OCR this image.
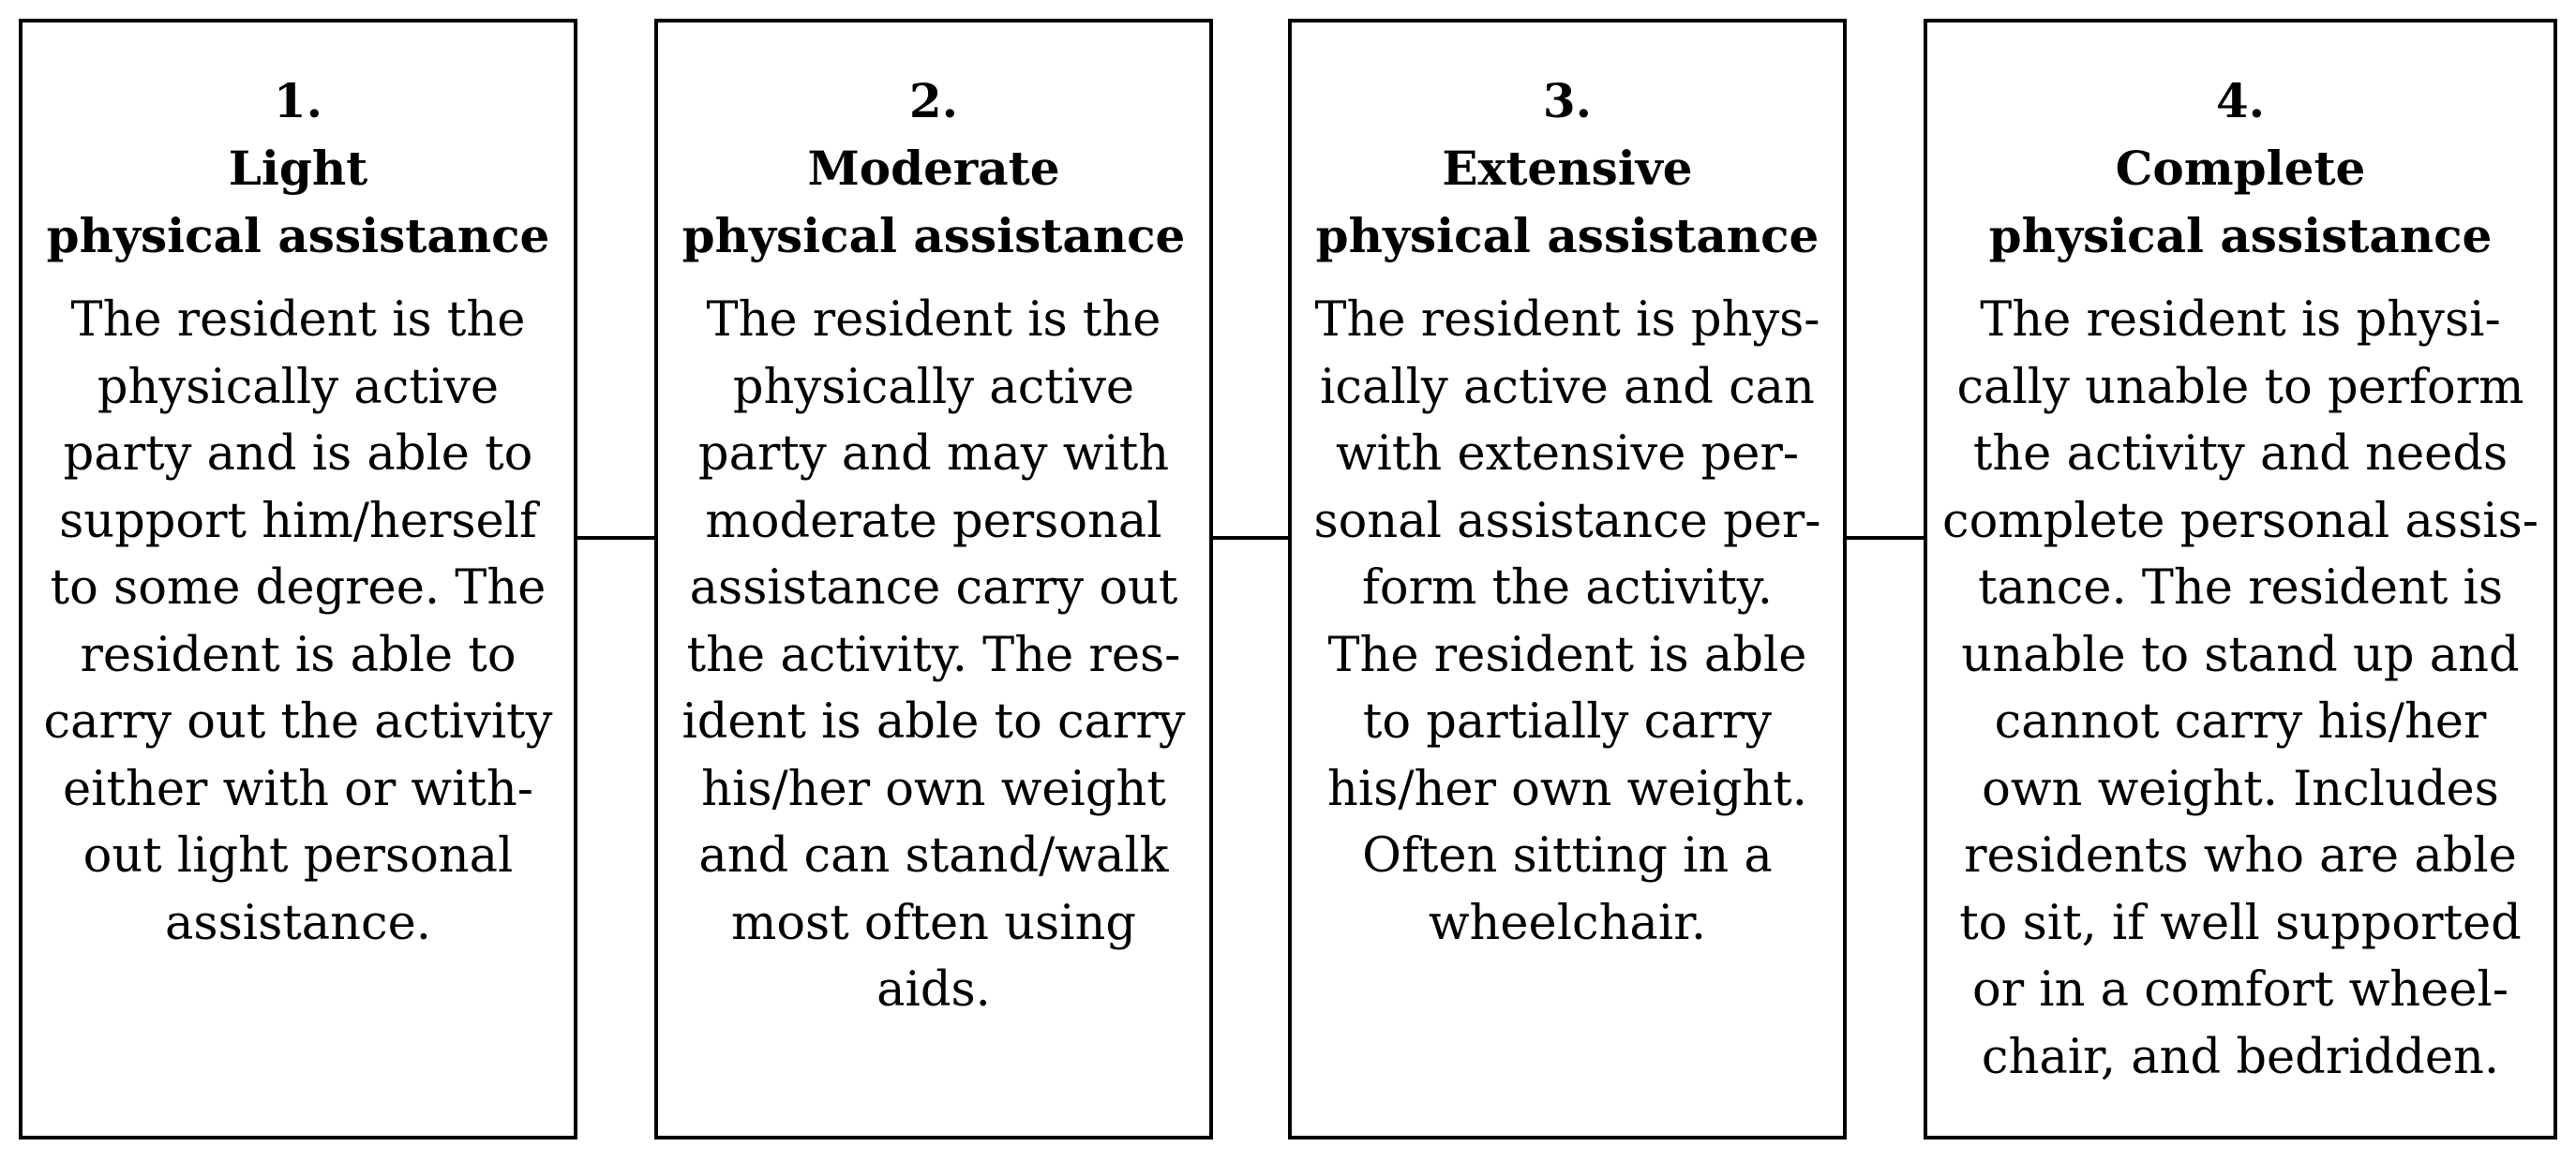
1.
Light
physical assistance
The resident is the
physically active
party and is able to
support him/herself
to some degree. The
resident is able to
carry out the activity
either with or with-
out light personal
assistance.
2.
Moderate
physical assistance
The resident is the
physically active
party and may with
moderate personal
assistance carry out
the activity. The res-
ident is able to carry
his/her own weight
and can stand/walk
most often using
aids.
3.
Extensive
physical assistance
The resident is phys-
ically active and can
with extensive per-
sonal assistance per-
form the activity.
The resident is able
to partially carry
his/her own weight.
Often sitting in a
wheelchair.
4.
Complete
physical assistance
The resident is physi-
cally unable to perform
the activity and needs
complete personal assis-
tance. The resident is
unable to stand up and
cannot carry his/her
own weight. Includes
residents who are able
to sit, if well supported
or in a comfort wheel-
chair, and bedridden.
